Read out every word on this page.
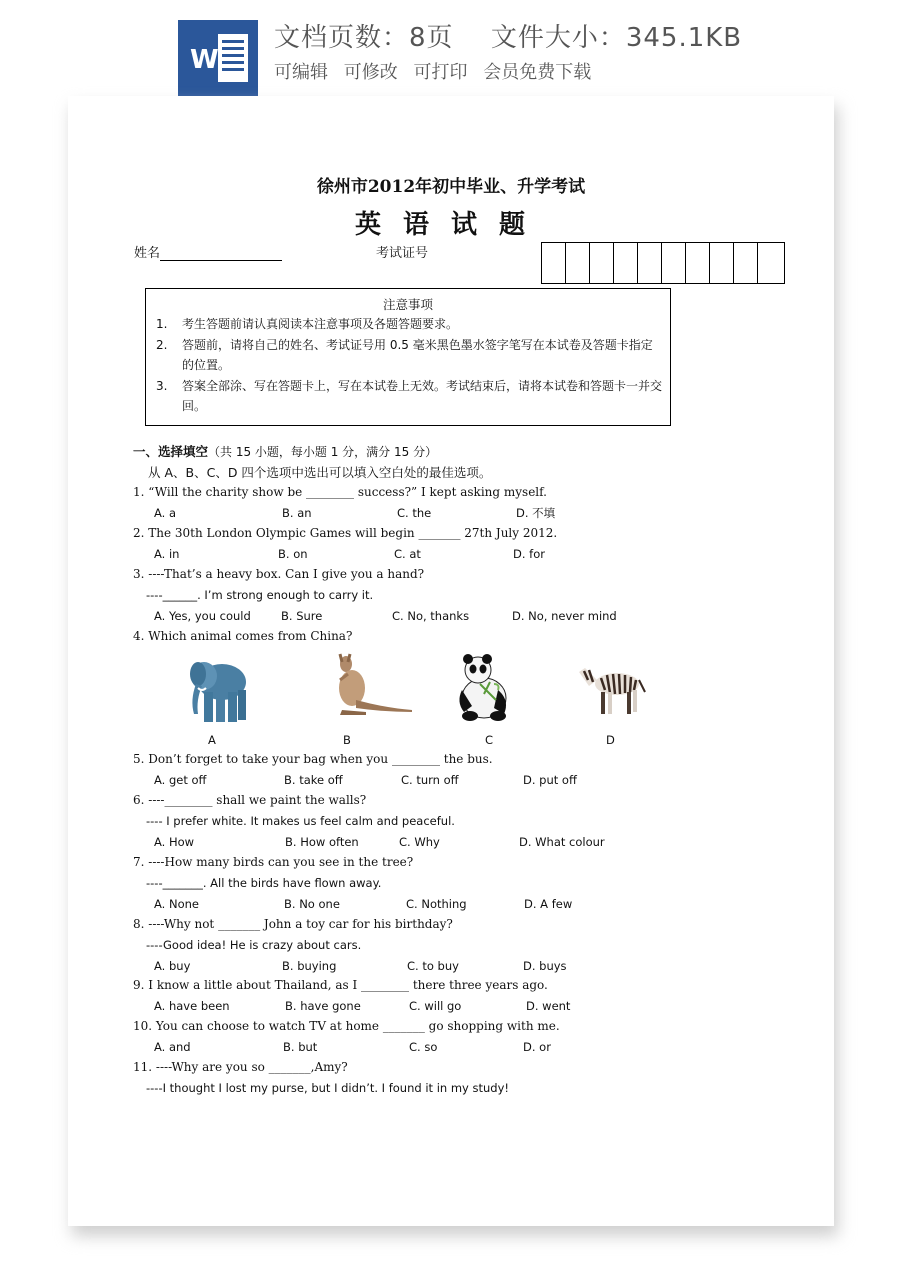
W
文档页数：8页 文件大小：345.1KB
可编辑 可修改 可打印 会员免费下载
徐州市2012年初中毕业、升学考试
英语试题
姓名	考试证号
注意事项
1. 考生答题前请认真阅读本注意事项及各题答题要求。
2. 答题前，请将自己的姓名、考试证号用 0.5 毫米黑色墨水签字笔写在本试卷及答题卡指定的位置。
3. 答案全部涂、写在答题卡上，写在本试卷上无效。考试结束后，请将本试卷和答题卡一并交回。
一、选择填空（共 15 小题，每小题 1 分，满分 15 分）
从 A、B、C、D 四个选项中选出可以填入空白处的最佳选项。
1. “Will the charity show be ________ success?” I kept asking myself.
A. a	B. an	C. the	D. 不填
2. The 30th London Olympic Games will begin _______ 27th July 2012.
A. in	B. on	C. at	D. for
3. ----That’s a heavy box. Can I give you a hand?
----______. I’m strong enough to carry it.
A. Yes, you could	B. Sure	C. No, thanks	D. No, never mind
4. Which animal comes from China?
A	B	C	D
5. Don’t forget to take your bag when you ________ the bus.
A. get off	B. take off	C. turn off	D. put off
6. ----________ shall we paint the walls?
---- I prefer white. It makes us feel calm and peaceful.
A. How	B. How often	C. Why	D. What colour
7. ----How many birds can you see in the tree?
----_______. All the birds have flown away.
A. None	B. No one	C. Nothing	D. A few
8. ----Why not _______ John a toy car for his birthday?
----Good idea! He is crazy about cars.
A. buy	B. buying	C. to buy	D. buys
9. I know a little about Thailand, as I ________ there three years ago.
A. have been	B. have gone	C. will go	D. went
10. You can choose to watch TV at home _______ go shopping with me.
A. and	B. but	C. so	D. or
11. ----Why are you so _______,Amy?
----I thought I lost my purse, but I didn’t. I found it in my study!
